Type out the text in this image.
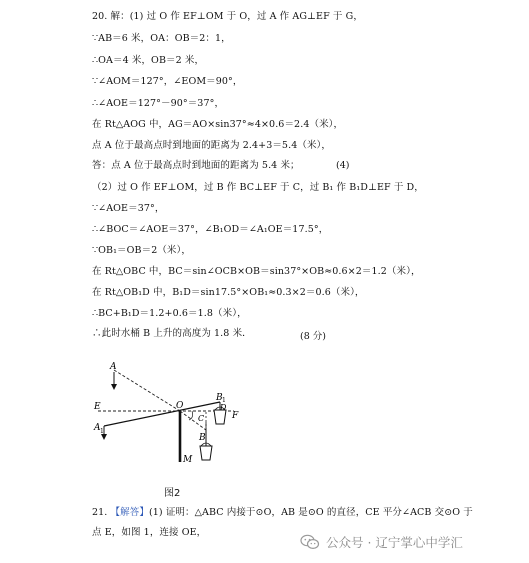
20. 解：(1) 过 O 作 EF⊥OM 于 O，过 A 作 AG⊥EF 于 G，
∵AB＝6 米，OA：OB＝2：1，
∴OA＝4 米，OB＝2 米，
∵∠AOM＝127°，∠EOM＝90°，
∴∠AOE＝127°－90°＝37°，
在 Rt△AOG 中，AG＝AO×sin37°≈4×0.6＝2.4（米），
点 A 位于最高点时到地面的距离为 2.4+3＝5.4（米），
答：点 A 位于最高点时到地面的距离为 5.4 米；	(4)
（2）过 O 作 EF⊥OM，过 B 作 BC⊥EF 于 C，过 B₁ 作 B₁D⊥EF 于 D，
∵∠AOE＝37°，
∴∠BOC＝∠AOE＝37°，∠B₁OD＝∠A₁OE＝17.5°，
∵OB₁＝OB＝2（米），
在 Rt△OBC 中，BC＝sin∠OCB×OB＝sin37°×OB≈0.6×2＝1.2（米），
在 Rt△OB₁D 中，B₁D＝sin17.5°×OB₁≈0.3×2＝0.6（米），
∴BC+B₁D＝1.2+0.6＝1.8（米），
∴此时水桶 B 上升的高度为 1.8 米．	(8 分)
A
E
A 1
O
B 1
D
F
C
B
M
图2
21. 【解答】(1) 证明：△ABC 内接于⊙O，AB 是⊙O 的直径，CE 平分∠ACB 交⊙O 于
点 E，如图 1，连接 OE，
公众号 · 辽宁掌心中学汇
